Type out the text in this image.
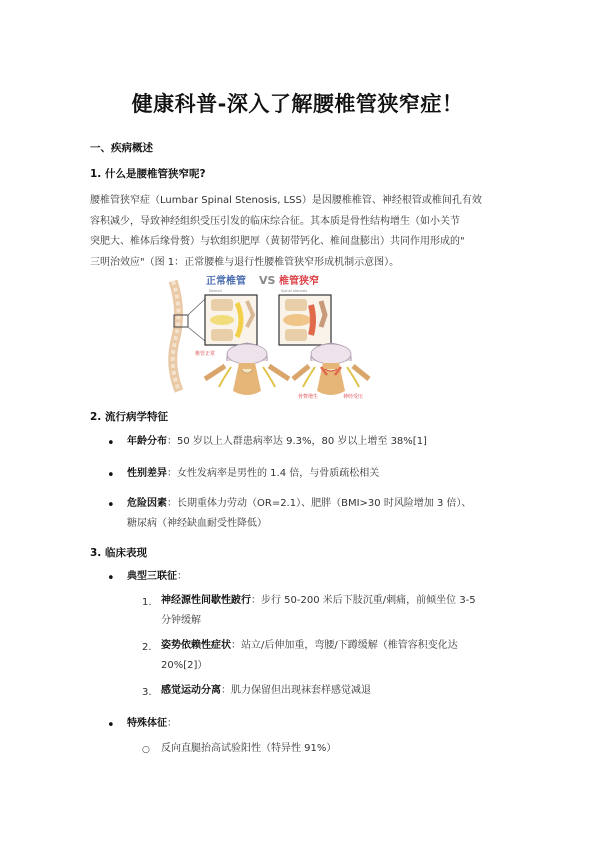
健康科普-深入了解腰椎管狭窄症！
一、疾病概述
1. 什么是腰椎管狭窄呢?
腰椎管狭窄症（Lumbar Spinal Stenosis, LSS）是因腰椎椎管、神经根管或椎间孔有效
容积减少，导致神经组织受压引发的临床综合征。其本质是骨性结构增生（如小关节
突肥大、椎体后缘骨赘）与软组织肥厚（黄韧带钙化、椎间盘膨出）共同作用形成的"
三明治效应"（图 1：正常腰椎与退行性腰椎管狭窄形成机制示意图）。
正常椎管
Normal
VS 椎管狭窄
Spinal stenosis
椎管正常
骨赘增生	神经受压
2. 流行病学特征
• 年龄分布：50 岁以上人群患病率达 9.3%，80 岁以上增至 38%[1]
• 性别差异：女性发病率是男性的 1.4 倍，与骨质疏松相关
• 危险因素：长期重体力劳动（OR=2.1）、肥胖（BMI>30 时风险增加 3 倍）、
糖尿病（神经缺血耐受性降低）
3. 临床表现
• 典型三联征：
1. 神经源性间歇性跛行：步行 50-200 米后下肢沉重/刺痛，前倾坐位 3-5
分钟缓解
2. 姿势依赖性症状：站立/后伸加重，弯腰/下蹲缓解（椎管容积变化达
20%[2]）
3. 感觉运动分离：肌力保留但出现袜套样感觉减退
• 特殊体征：
○ 反向直腿抬高试验阳性（特异性 91%）
